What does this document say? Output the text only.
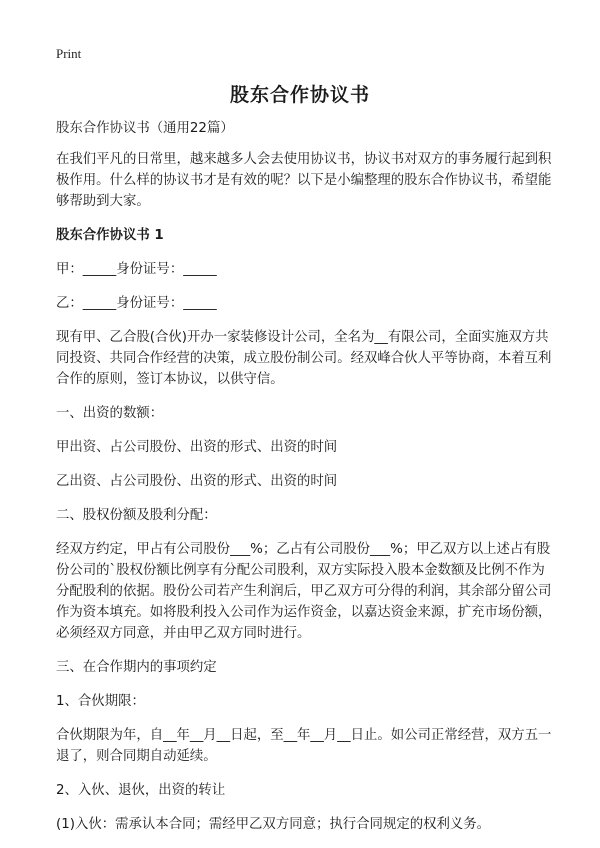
Print
股东合作协议书

股东合作协议书（通用22篇）

在我们平凡的日常里，越来越多人会去使用协议书，协议书对双方的事务履行起到积极作用。什么样的协议书才是有效的呢？以下是小编整理的股东合作协议书，希望能够帮助到大家。

股东合作协议书 1

甲：_____身份证号：_____

乙：_____身份证号：_____

现有甲、乙合股(合伙)开办一家装修设计公司，全名为__有限公司，全面实施双方共同投资、共同合作经营的决策，成立股份制公司。经双峰合伙人平等协商，本着互利合作的原则，签订本协议，以供守信。

一、出资的数额：

甲出资、占公司股份、出资的形式、出资的时间

乙出资、占公司股份、出资的形式、出资的时间

二、股权份额及股利分配：

经双方约定，甲占有公司股份___%；乙占有公司股份___%；甲乙双方以上述占有股份公司的`股权份额比例享有分配公司股利，双方实际投入股本金数额及比例不作为分配股利的依据。股份公司若产生利润后，甲乙双方可分得的利润，其余部分留公司作为资本填充。如将股利投入公司作为运作资金，以嘉达资金来源，扩充市场份额，必须经双方同意，并由甲乙双方同时进行。

三、在合作期内的事项约定

1、合伙期限：

合伙期限为年，自__年__月__日起，至__年__月__日止。如公司正常经营，双方五一退了，则合同期自动延续。

2、入伙、退伙，出资的转让

(1)入伙：需承认本合同；需经甲乙双方同意；执行合同规定的权利义务。
